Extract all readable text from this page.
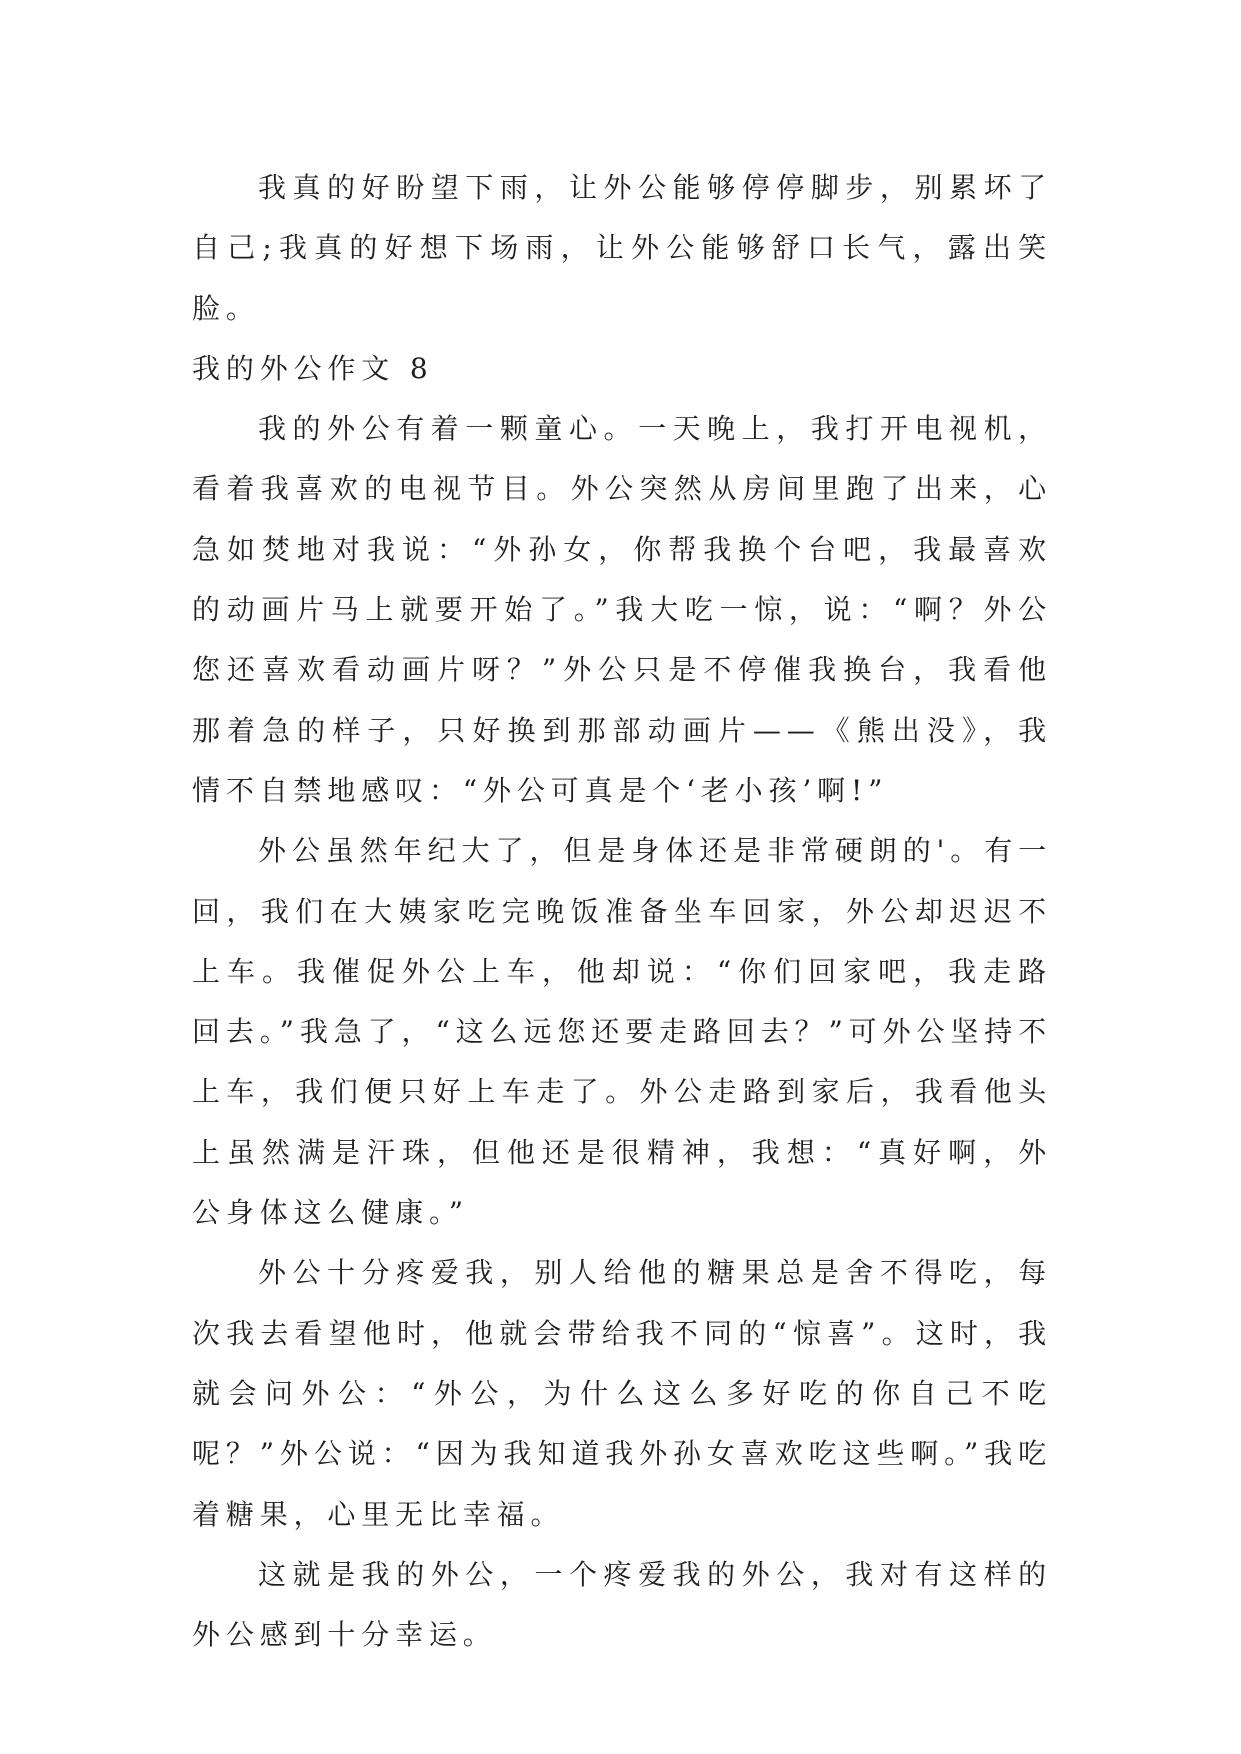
我真的好盼望下雨，让外公能够停停脚步，别累坏了自己;我真的好想下场雨，让外公能够舒口长气，露出笑脸。

我的外公作文 8

我的外公有着一颗童心。一天晚上，我打开电视机，看着我喜欢的电视节目。外公突然从房间里跑了出来，心急如焚地对我说：“外孙女，你帮我换个台吧，我最喜欢的动画片马上就要开始了。”我大吃一惊，说：“啊？外公您还喜欢看动画片呀？”外公只是不停催我换台，我看他那着急的样子，只好换到那部动画片——《熊出没》，我情不自禁地感叹：“外公可真是个‘老小孩’啊!”

外公虽然年纪大了，但是身体还是非常硬朗的'。有一回，我们在大姨家吃完晚饭准备坐车回家，外公却迟迟不上车。我催促外公上车，他却说：“你们回家吧，我走路回去。”我急了，“这么远您还要走路回去？”可外公坚持不上车，我们便只好上车走了。外公走路到家后，我看他头上虽然满是汗珠，但他还是很精神，我想：“真好啊，外公身体这么健康。”

外公十分疼爱我，别人给他的糖果总是舍不得吃，每次我去看望他时，他就会带给我不同的“惊喜”。这时，我就会问外公：“外公，为什么这么多好吃的你自己不吃呢？”外公说：“因为我知道我外孙女喜欢吃这些啊。”我吃着糖果，心里无比幸福。

这就是我的外公，一个疼爱我的外公，我对有这样的外公感到十分幸运。
